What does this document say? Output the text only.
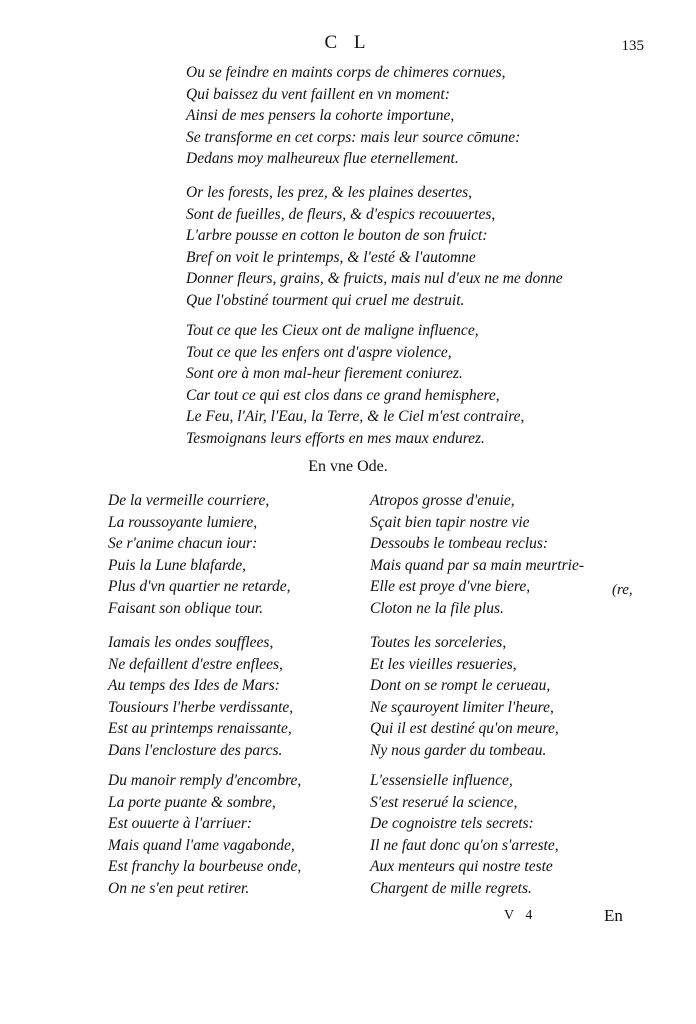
C L	135
Ou se feindre en maints corps de chimeres cornues,
Qui baissez du vent faillent en vn moment:
Ainsi de mes pensers la cohorte importune,
Se transforme en cet corps: mais leur source cōmune:
Dedans moy malheureux flue eternellement.
Or les forests, les prez, & les plaines desertes,
Sont de fueilles, de fleurs, & d'espics recouuertes,
L'arbre pousse en cotton le bouton de son fruict:
Bref on voit le printemps, & l'esté & l'automne
Donner fleurs, grains, & fruicts, mais nul d'eux ne me donne
Que l'obstiné tourment qui cruel me destruit.
Tout ce que les Cieux ont de maligne influence,
Tout ce que les enfers ont d'aspre violence,
Sont ore à mon mal-heur fierement coniurez.
Car tout ce qui est clos dans ce grand hemisphere,
Le Feu, l'Air, l'Eau, la Terre, & le Ciel m'est contraire,
Tesmoignans leurs efforts en mes maux endurez.
En vne Ode.
De la vermeille courriere,
La roussoyante lumiere,
Se r'anime chacun iour:
Puis la Lune blafarde,
Plus d'vn quartier ne retarde,
Faisant son oblique tour.
Iamais les ondes soufflees,
Ne defaillent d'estre enflees,
Au temps des Ides de Mars:
Tousiours l'herbe verdissante,
Est au printemps renaissante,
Dans l'enclosture des parcs.
Du manoir remply d'encombre,
La porte puante & sombre,
Est ouuerte à l'arriuer:
Mais quand l'ame vagabonde,
Est franchy la bourbeuse onde,
On ne s'en peut retirer.
Atropos grosse d'enuie,
Sçait bien tapir nostre vie
Dessoubs le tombeau reclus:
Mais quand par sa main meurtrie-
Elle est proye d'vne biere,
Cloton ne la file plus.
Toutes les sorceleries,
Et les vieilles resueries,
Dont on se rompt le cerueau,
Ne sçauroyent limiter l'heure,
Qui il est destiné qu'on meure,
Ny nous garder du tombeau.
L'essensielle influence,
S'est reserué la science,
De cognoistre tels secrets:
Il ne faut donc qu'on s'arreste,
Aux menteurs qui nostre teste
Chargent de mille regrets.
(re,
V 4	En
